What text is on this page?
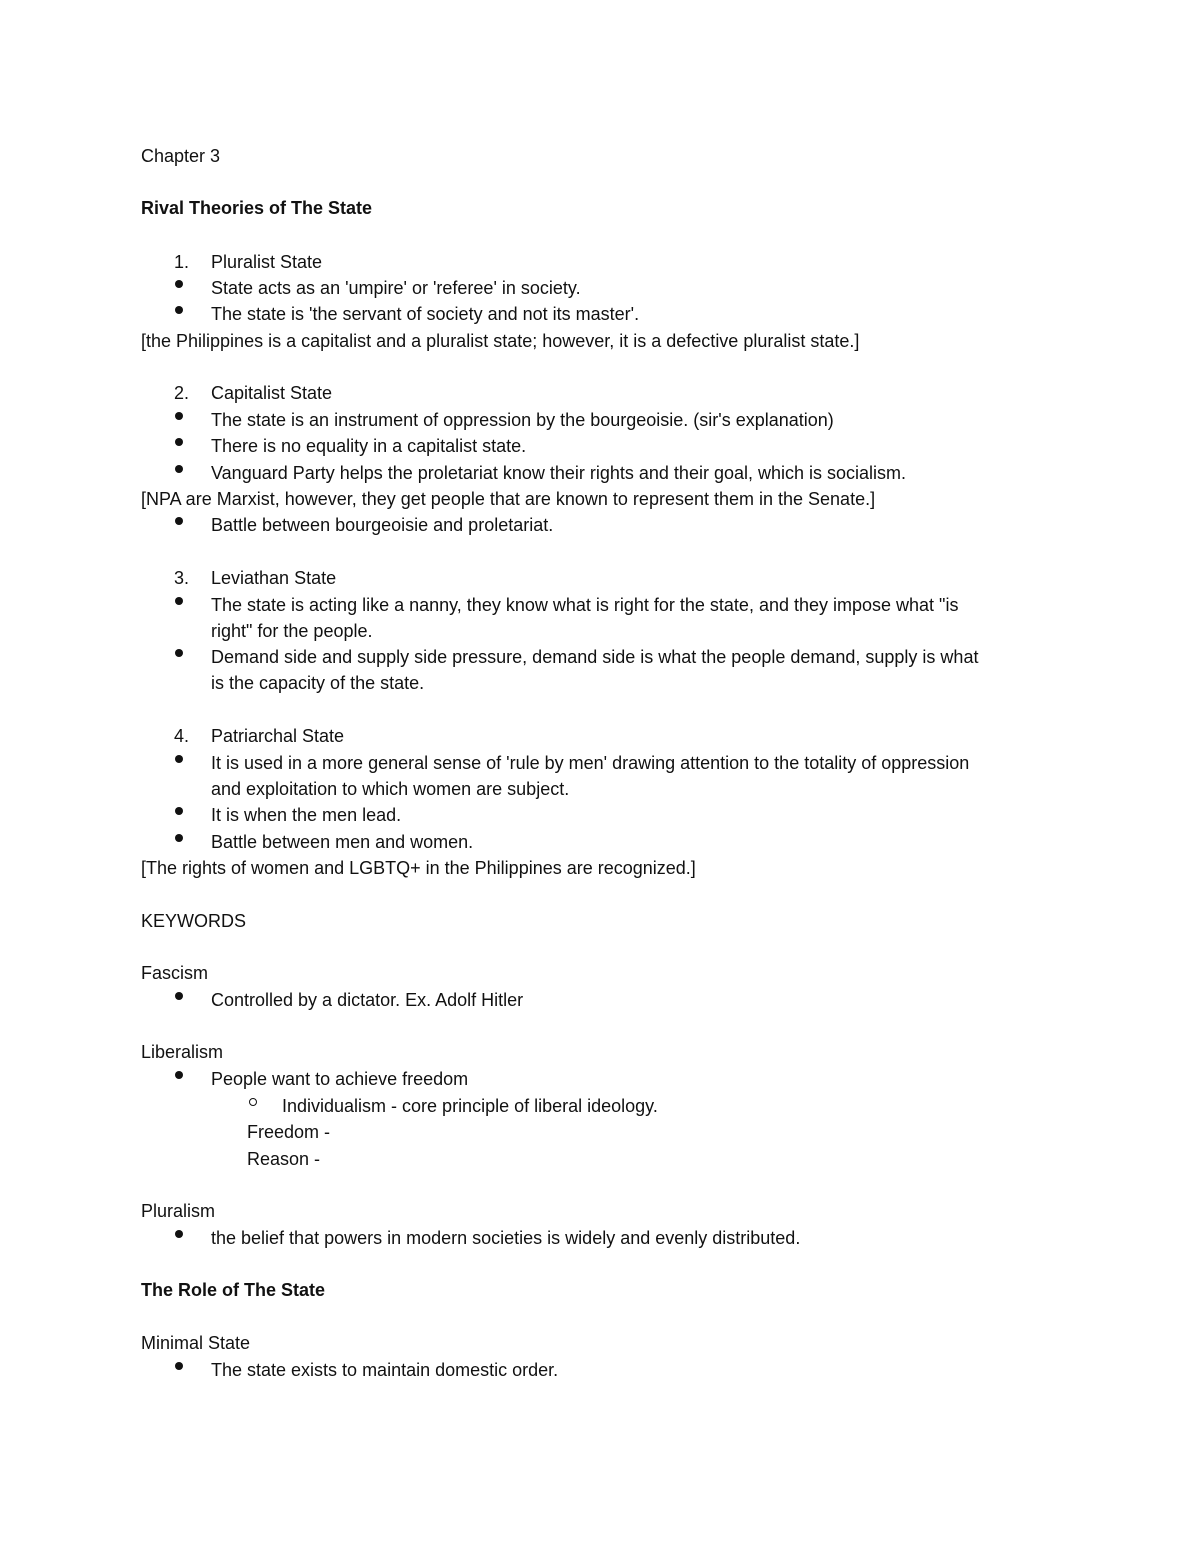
Chapter 3
Rival Theories of The State
1. Pluralist State
State acts as an 'umpire' or 'referee' in society.
The state is 'the servant of society and not its master'.
[the Philippines is a capitalist and a pluralist state; however, it is a defective pluralist state.]
2. Capitalist State
The state is an instrument of oppression by the bourgeoisie. (sir's explanation)
There is no equality in a capitalist state.
Vanguard Party helps the proletariat know their rights and their goal, which is socialism.
[NPA are Marxist, however, they get people that are known to represent them in the Senate.]
Battle between bourgeoisie and proletariat.
3. Leviathan State
The state is acting like a nanny, they know what is right for the state, and they impose what "is
right" for the people.
Demand side and supply side pressure, demand side is what the people demand, supply is what
is the capacity of the state.
4. Patriarchal State
It is used in a more general sense of 'rule by men' drawing attention to the totality of oppression
and exploitation to which women are subject.
It is when the men lead.
Battle between men and women.
[The rights of women and LGBTQ+ in the Philippines are recognized.]
KEYWORDS
Fascism
Controlled by a dictator. Ex. Adolf Hitler
Liberalism
People want to achieve freedom
Individualism - core principle of liberal ideology.
Freedom -
Reason -
Pluralism
the belief that powers in modern societies is widely and evenly distributed.
The Role of The State
Minimal State
The state exists to maintain domestic order.
